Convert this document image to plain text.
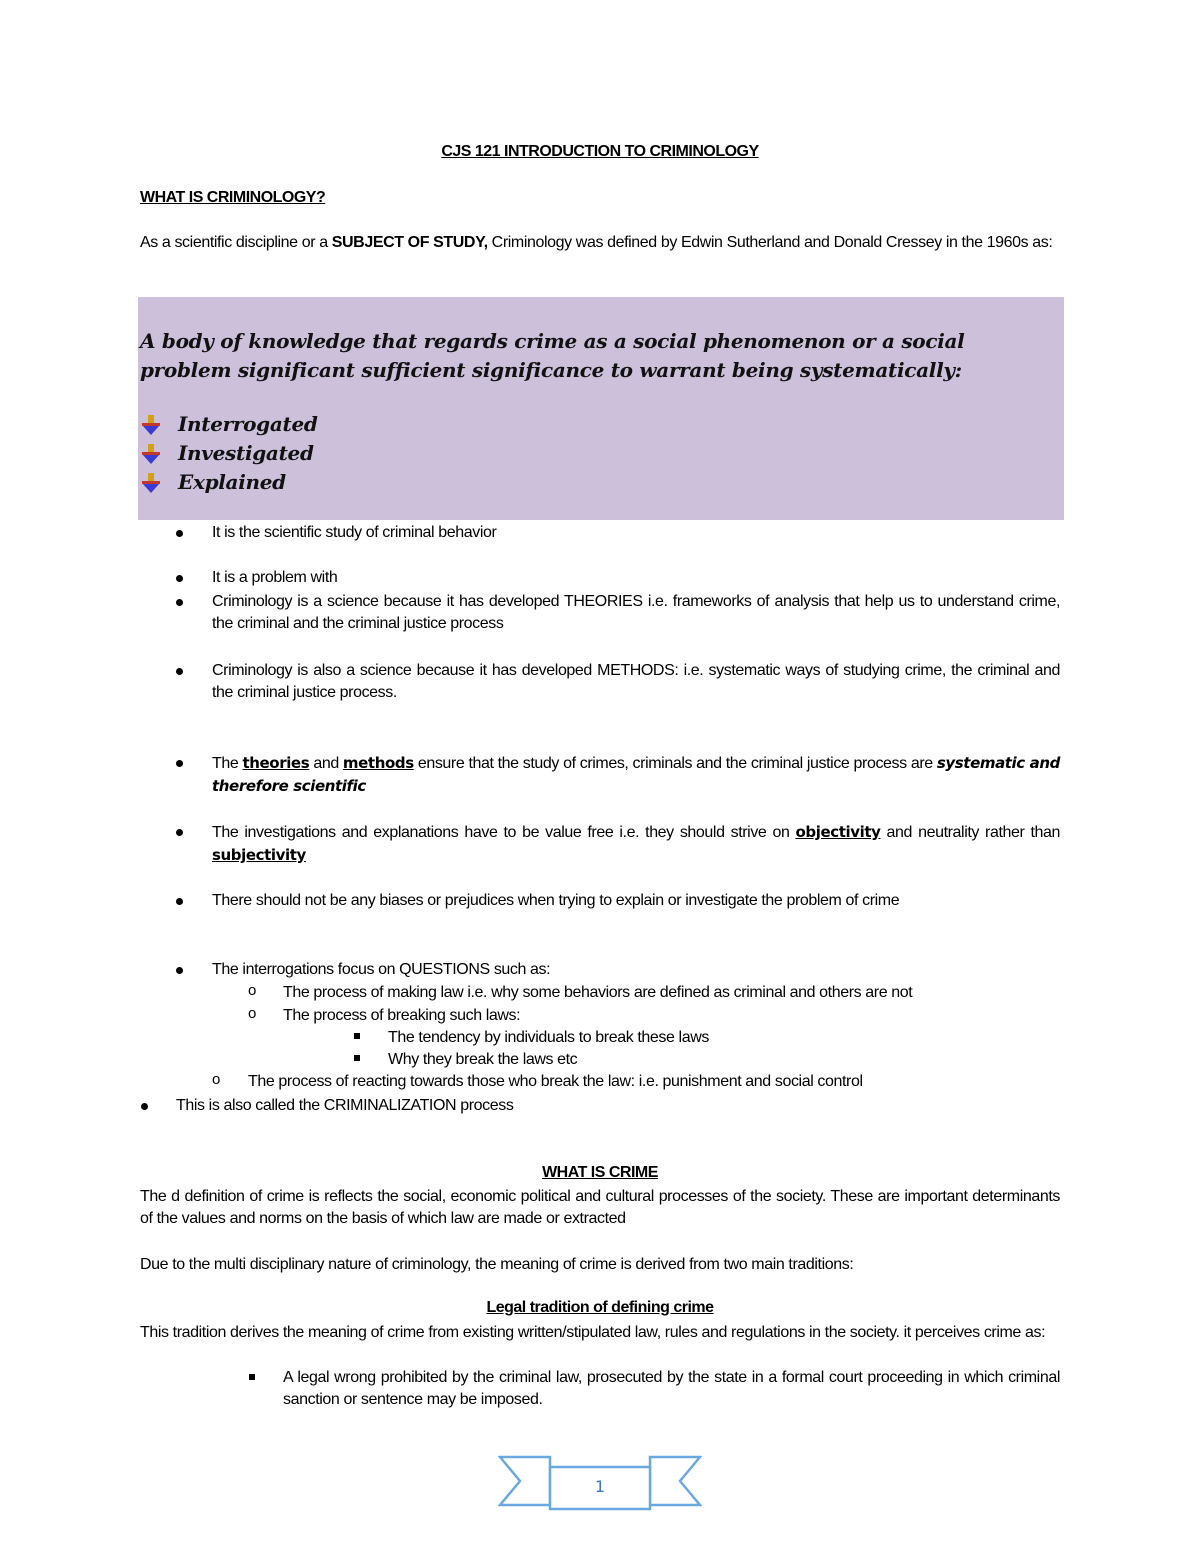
CJS 121 INTRODUCTION TO CRIMINOLOGY
WHAT IS CRIMINOLOGY?
As a scientific discipline or a SUBJECT OF STUDY, Criminology was defined by Edwin Sutherland and Donald Cressey in the 1960s as:
A body of knowledge that regards crime as a social phenomenon or a social problem significant sufficient significance to warrant being systematically:
Interrogated
Investigated
Explained
It is the scientific study of criminal behavior
It is a problem with
Criminology is a science because it has developed THEORIES i.e. frameworks of analysis that help us to understand crime, the criminal and the criminal justice process
Criminology is also a science because it has developed METHODS: i.e. systematic ways of studying crime, the criminal and the criminal justice process.
The theories and methods ensure that the study of crimes, criminals and the criminal justice process are systematic and therefore scientific
The investigations and explanations have to be value free i.e. they should strive on objectivity and neutrality rather than subjectivity
There should not be any biases or prejudices when trying to explain or investigate the problem of crime
The interrogations focus on QUESTIONS such as:
o The process of making law i.e. why some behaviors are defined as criminal and others are not
o The process of breaking such laws:
The tendency by individuals to break these laws
Why they break the laws etc
o The process of reacting towards those who break the law: i.e. punishment and social control
This is also called the CRIMINALIZATION process
WHAT IS CRIME
The d definition of crime is reflects the social, economic political and cultural processes of the society. These are important determinants of the values and norms on the basis of which law are made or extracted
Due to the multi disciplinary nature of criminology, the meaning of crime is derived from two main traditions:
Legal tradition of defining crime
This tradition derives the meaning of crime from existing written/stipulated law, rules and regulations in the society. it perceives crime as:
A legal wrong prohibited by the criminal law, prosecuted by the state in a formal court proceeding in which criminal sanction or sentence may be imposed.
1
